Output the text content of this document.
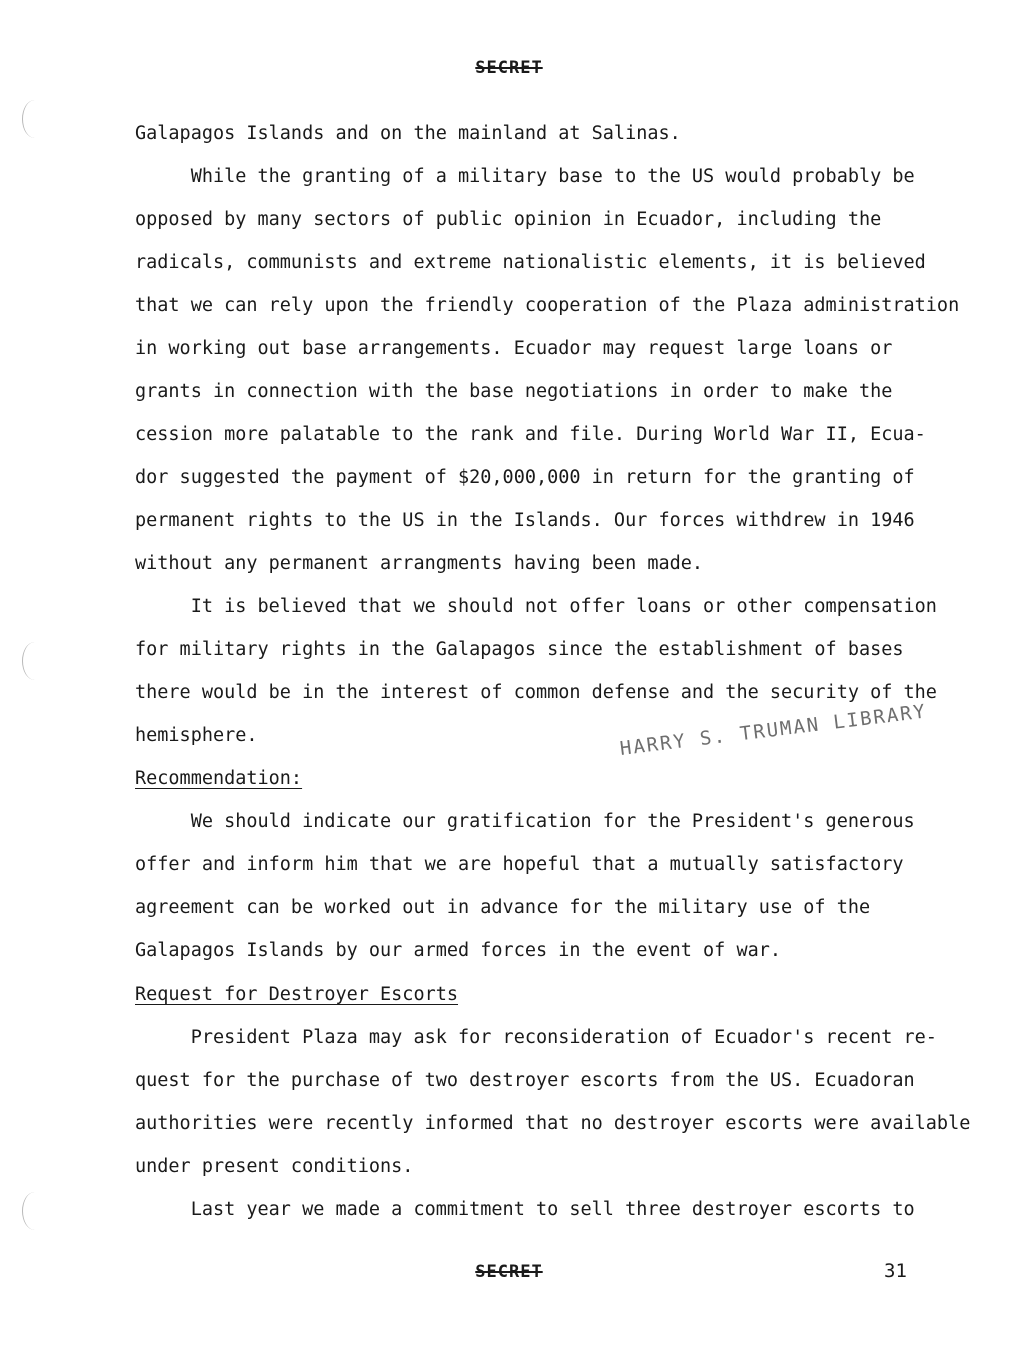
SECRET
Galapagos Islands and on the mainland at Salinas.
While the granting of a military base to the US would probably be
opposed by many sectors of public opinion in Ecuador, including the
radicals, communists and extreme nationalistic elements, it is believed
that we can rely upon the friendly cooperation of the Plaza administration
in working out base arrangements. Ecuador may request large loans or
grants in connection with the base negotiations in order to make the
cession more palatable to the rank and file. During World War II, Ecua-
dor suggested the payment of $20,000,000 in return for the granting of
permanent rights to the US in the Islands. Our forces withdrew in 1946
without any permanent arrangments having been made.
It is believed that we should not offer loans or other compensation
for military rights in the Galapagos since the establishment of bases
there would be in the interest of common defense and the security of the
hemisphere.
Recommendation:
We should indicate our gratification for the President's generous
offer and inform him that we are hopeful that a mutually satisfactory
agreement can be worked out in advance for the military use of the
Galapagos Islands by our armed forces in the event of war.
Request for Destroyer Escorts
President Plaza may ask for reconsideration of Ecuador's recent re-
quest for the purchase of two destroyer escorts from the US. Ecuadoran
authorities were recently informed that no destroyer escorts were available
under present conditions.
Last year we made a commitment to sell three destroyer escorts to
HARRY S. TRUMAN LIBRARY
SECRET	31
